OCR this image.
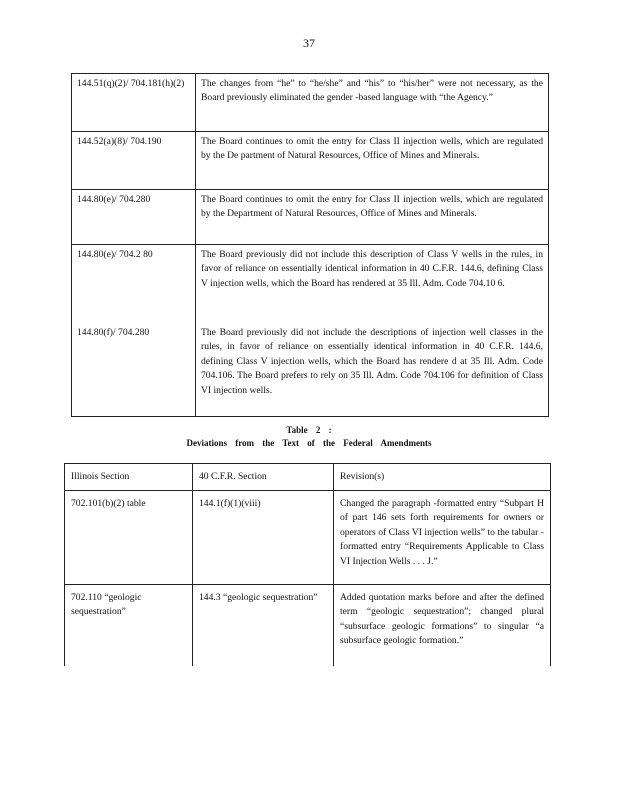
37
144.51(q)(2)/ 704.181(h)(2)	The changes from “he” to “he/she” and “his” to “his/her” were not necessary, as the Board previously eliminated the gender -based language with “the Agency.”
144.52(a)(8)/ 704.190	The Board continues to omit the entry for Class II injection wells, which are regulated by the De partment of Natural Resources, Office of Mines and Minerals.
144.80(e)/ 704.280	The Board continues to omit the entry for Class II injection wells, which are regulated by the Department of Natural Resources, Office of Mines and Minerals.
144.80(e)/ 704.2 80	The Board previously did not include this description of Class V wells in the rules, in favor of reliance on essentially identical information in 40 C.F.R. 144.6, defining Class V injection wells, which the Board has rendered at 35 Ill. Adm. Code 704.10 6.
144.80(f)/ 704.280	The Board previously did not include the descriptions of injection well classes in the rules, in favor of reliance on essentially identical information in 40 C.F.R. 144.6, defining Class V injection wells, which the Board has rendere d at 35 Ill. Adm. Code 704.106. The Board prefers to rely on 35 Ill. Adm. Code 704.106 for definition of Class VI injection wells.
Table 2 :
Deviations from the Text of the Federal Amendments
Illinois Section	40 C.F.R. Section	Revision(s)
702.101(b)(2) table	144.1(f)(1)(viii)	Changed the paragraph -formatted entry “Subpart H of part 146 sets forth requirements for owners or operators of Class VI injection wells” to the tabular - formatted entry “Requirements Applicable to Class VI Injection Wells . . . J.”
702.110 “geologic sequestration”	144.3 “geologic sequestration”	Added quotation marks before and after the defined term “geologic sequestration”; changed plural “subsurface geologic formations” to singular “a subsurface geologic formation.”
